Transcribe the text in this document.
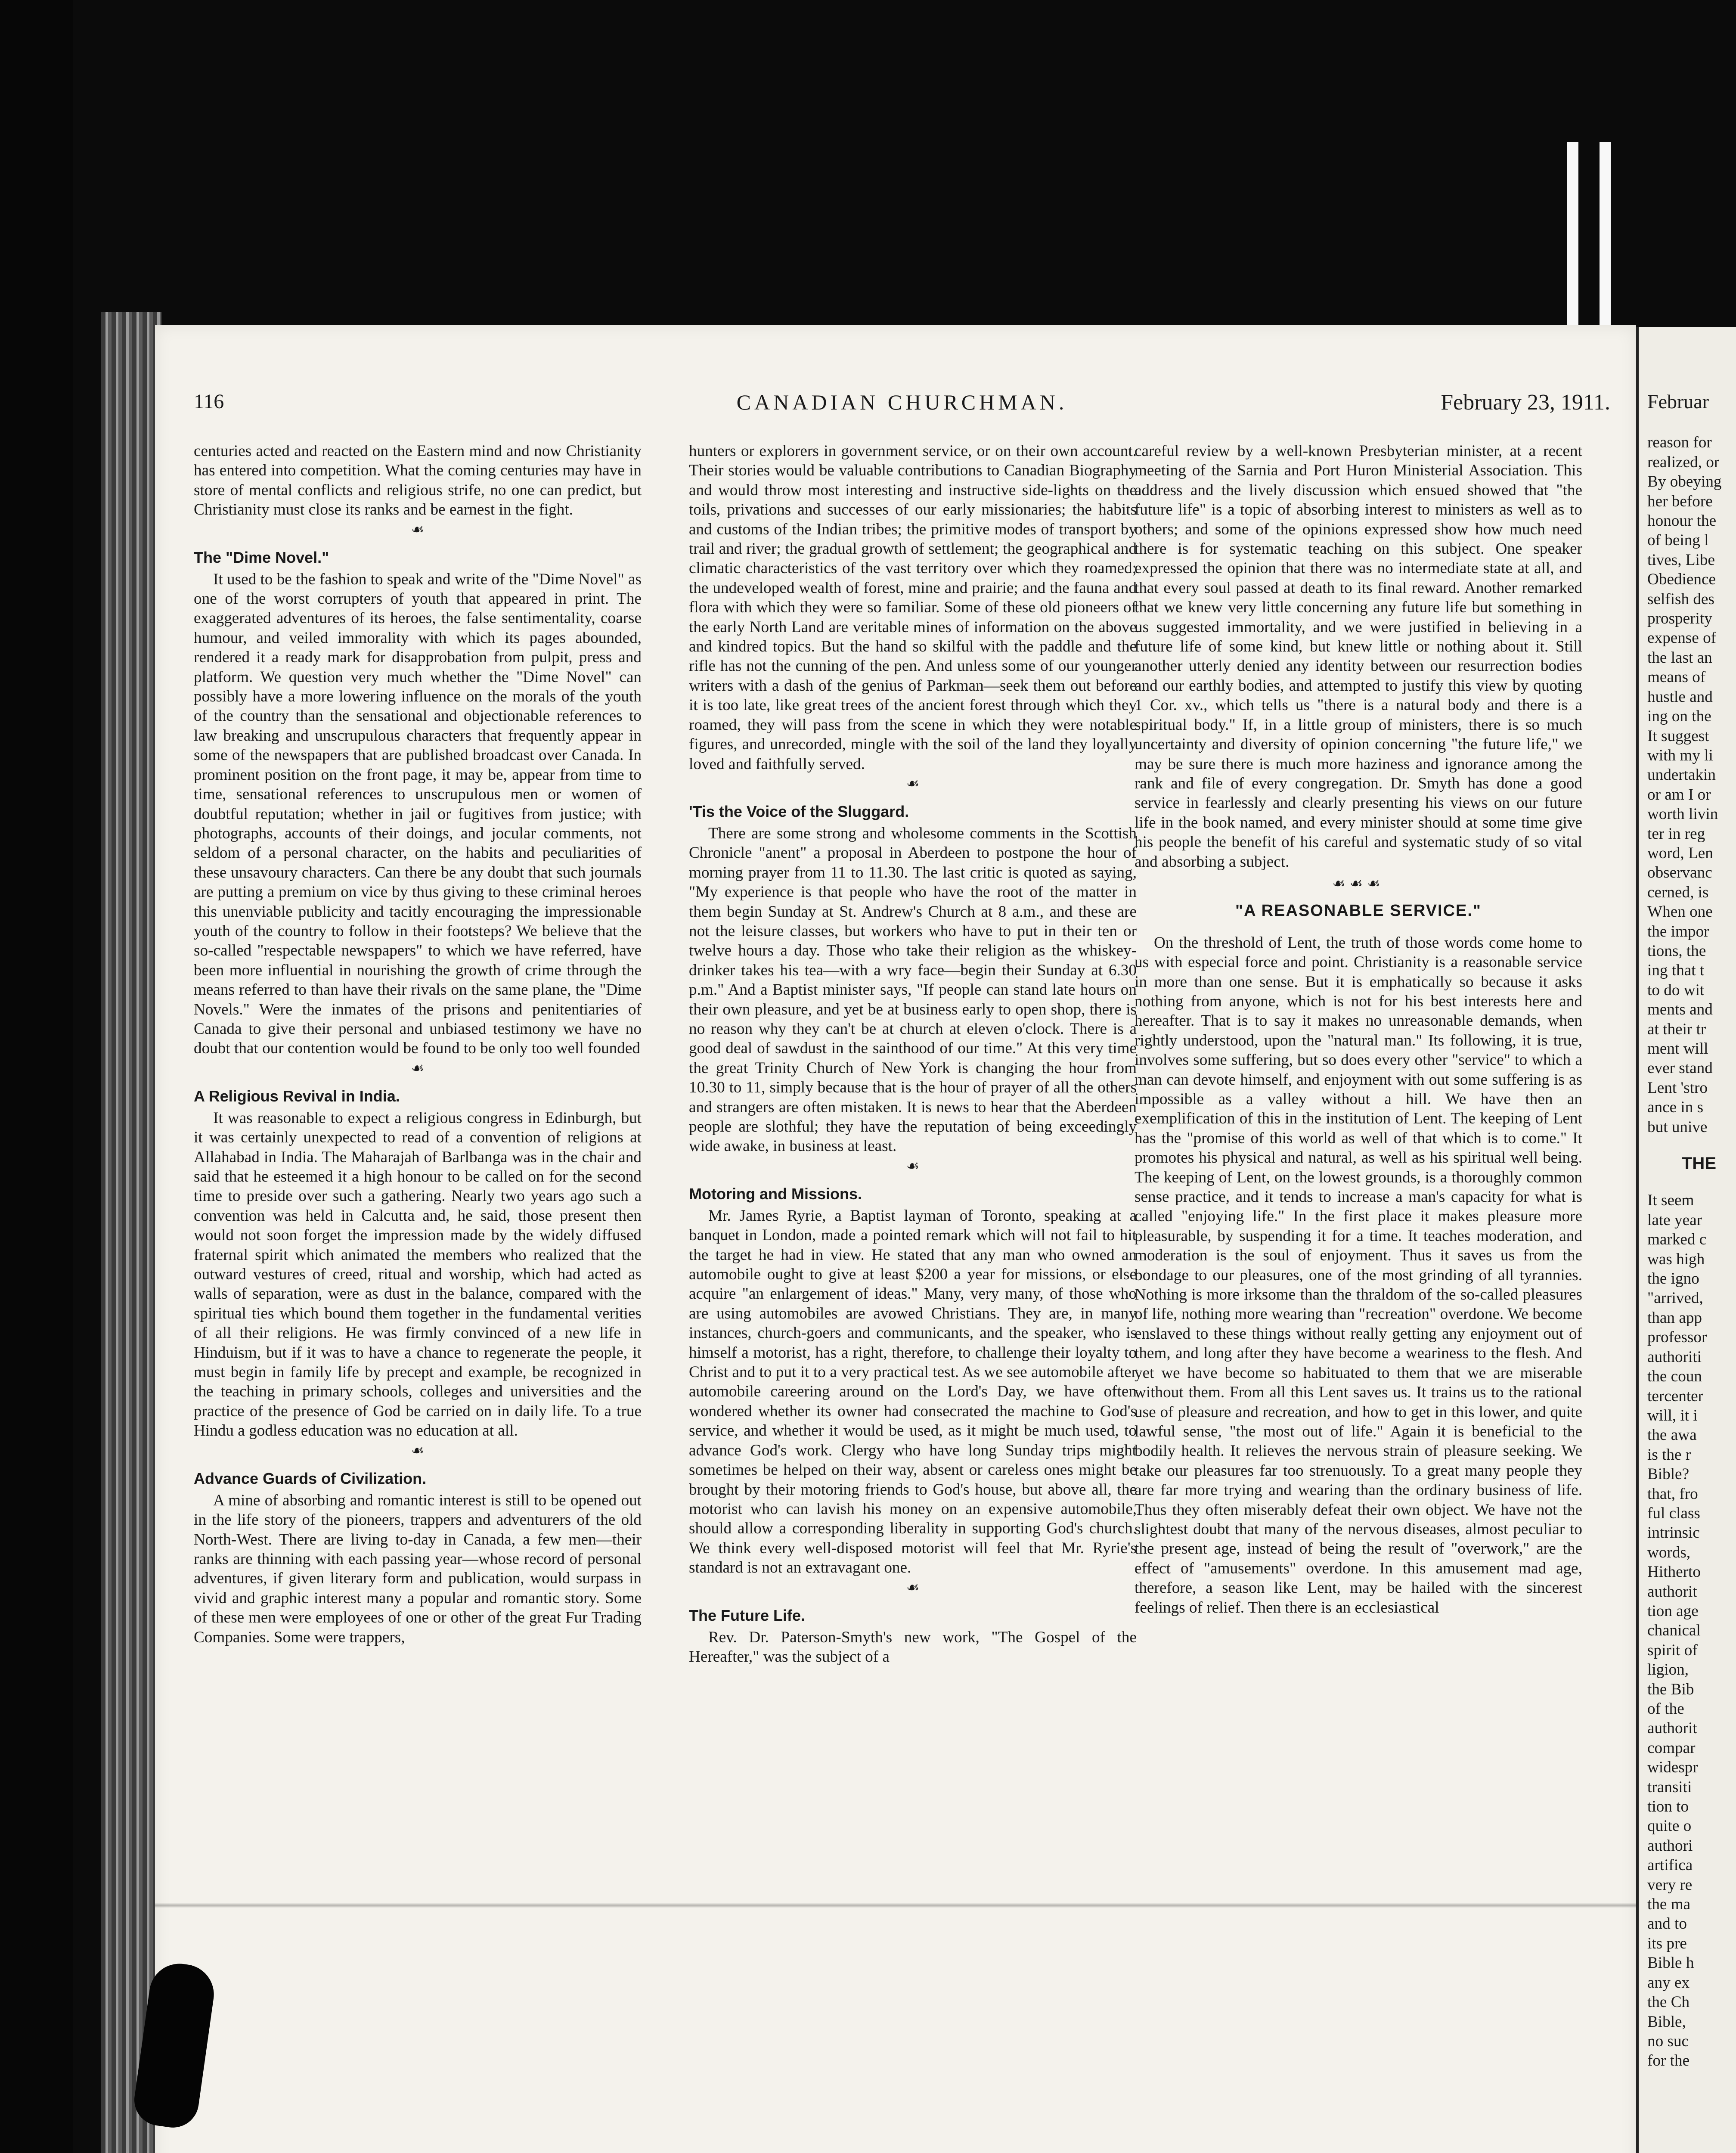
116	CANADIAN CHURCHMAN.	February 23, 1911.

centuries acted and reacted on the Eastern mind and now Christianity has entered into competition. What the coming centuries may have in store of mental conflicts and religious strife, no one can predict, but Christianity must close its ranks and be earnest in the fight.

☙
The "Dime Novel."

It used to be the fashion to speak and write of the "Dime Novel" as one of the worst corrupters of youth that appeared in print. The exaggerated adventures of its heroes, the false sentimentality, coarse humour, and veiled immorality with which its pages abounded, rendered it a ready mark for disapprobation from pulpit, press and platform. We question very much whether the "Dime Novel" can possibly have a more lowering influence on the morals of the youth of the country than the sensational and objectionable references to law breaking and unscrupulous characters that frequently appear in some of the newspapers that are published broadcast over Canada. In prominent position on the front page, it may be, appear from time to time, sensational references to unscrupulous men or women of doubtful reputation; whether in jail or fugitives from justice; with photographs, accounts of their doings, and jocular comments, not seldom of a personal character, on the habits and peculiarities of these unsavoury characters. Can there be any doubt that such journals are putting a premium on vice by thus giving to these criminal heroes this unenviable publicity and tacitly encouraging the impressionable youth of the country to follow in their footsteps? We believe that the so-called "respectable newspapers" to which we have referred, have been more influential in nourishing the growth of crime through the means referred to than have their rivals on the same plane, the "Dime Novels." Were the inmates of the prisons and penitentiaries of Canada to give their personal and unbiased testimony we have no doubt that our contention would be found to be only too well founded

☙
A Religious Revival in India.

It was reasonable to expect a religious congress in Edinburgh, but it was certainly unexpected to read of a convention of religions at Allahabad in India. The Maharajah of Barlbanga was in the chair and said that he esteemed it a high honour to be called on for the second time to preside over such a gathering. Nearly two years ago such a convention was held in Calcutta and, he said, those present then would not soon forget the impression made by the widely diffused fraternal spirit which animated the members who realized that the outward vestures of creed, ritual and worship, which had acted as walls of separation, were as dust in the balance, compared with the spiritual ties which bound them together in the fundamental verities of all their religions. He was firmly convinced of a new life in Hinduism, but if it was to have a chance to regenerate the people, it must begin in family life by precept and example, be recognized in the teaching in primary schools, colleges and universities and the practice of the presence of God be carried on in daily life. To a true Hindu a godless education was no education at all.

☙
Advance Guards of Civilization.

A mine of absorbing and romantic interest is still to be opened out in the life story of the pioneers, trappers and adventurers of the old North-West. There are living to-day in Canada, a few men—their ranks are thinning with each passing year—whose record of personal adventures, if given literary form and publication, would surpass in vivid and graphic interest many a popular and romantic story. Some of these men were employees of one or other of the great Fur Trading Companies. Some were trappers,

hunters or explorers in government service, or on their own account. Their stories would be valuable contributions to Canadian Biography and would throw most interesting and instructive side-lights on the toils, privations and successes of our early missionaries; the habits and customs of the Indian tribes; the primitive modes of transport by trail and river; the gradual growth of settlement; the geographical and climatic characteristics of the vast territory over which they roamed; the undeveloped wealth of forest, mine and prairie; and the fauna and flora with which they were so familiar. Some of these old pioneers of the early North Land are veritable mines of information on the above and kindred topics. But the hand so skilful with the paddle and the rifle has not the cunning of the pen. And unless some of our younger writers with a dash of the genius of Parkman—seek them out before it is too late, like great trees of the ancient forest through which they roamed, they will pass from the scene in which they were notable figures, and unrecorded, mingle with the soil of the land they loyally loved and faithfully served.

☙
'Tis the Voice of the Sluggard.

There are some strong and wholesome comments in the Scottish Chronicle "anent" a proposal in Aberdeen to postpone the hour of morning prayer from 11 to 11.30. The last critic is quoted as saying, "My experience is that people who have the root of the matter in them begin Sunday at St. Andrew's Church at 8 a.m., and these are not the leisure classes, but workers who have to put in their ten or twelve hours a day. Those who take their religion as the whiskey-drinker takes his tea—with a wry face—begin their Sunday at 6.30 p.m." And a Baptist minister says, "If people can stand late hours on their own pleasure, and yet be at business early to open shop, there is no reason why they can't be at church at eleven o'clock. There is a good deal of sawdust in the sainthood of our time." At this very time the great Trinity Church of New York is changing the hour from 10.30 to 11, simply because that is the hour of prayer of all the others and strangers are often mistaken. It is news to hear that the Aberdeen people are slothful; they have the reputation of being exceedingly wide awake, in business at least.

☙
Motoring and Missions.

Mr. James Ryrie, a Baptist layman of Toronto, speaking at a banquet in London, made a pointed remark which will not fail to hit the target he had in view. He stated that any man who owned an automobile ought to give at least $200 a year for missions, or else acquire "an enlargement of ideas." Many, very many, of those who are using automobiles are avowed Christians. They are, in many instances, church-goers and communicants, and the speaker, who is himself a motorist, has a right, therefore, to challenge their loyalty to Christ and to put it to a very practical test. As we see automobile after automobile careering around on the Lord's Day, we have often wondered whether its owner had consecrated the machine to God's service, and whether it would be used, as it might be much used, to advance God's work. Clergy who have long Sunday trips might sometimes be helped on their way, absent or careless ones might be brought by their motoring friends to God's house, but above all, the motorist who can lavish his money on an expensive automobile, should allow a corresponding liberality in supporting God's church. We think every well-disposed motorist will feel that Mr. Ryrie's standard is not an extravagant one.

☙
The Future Life.

Rev. Dr. Paterson-Smyth's new work, "The Gospel of the Hereafter," was the subject of a

careful review by a well-known Presbyterian minister, at a recent meeting of the Sarnia and Port Huron Ministerial Association. This address and the lively discussion which ensued showed that "the future life" is a topic of absorbing interest to ministers as well as to others; and some of the opinions expressed show how much need there is for systematic teaching on this subject. One speaker expressed the opinion that there was no intermediate state at all, and that every soul passed at death to its final reward. Another remarked that we knew very little concerning any future life but something in us suggested immortality, and we were justified in believing in a future life of some kind, but knew little or nothing about it. Still another utterly denied any identity between our resurrection bodies and our earthly bodies, and attempted to justify this view by quoting 1 Cor. xv., which tells us "there is a natural body and there is a spiritual body." If, in a little group of ministers, there is so much uncertainty and diversity of opinion concerning "the future life," we may be sure there is much more haziness and ignorance among the rank and file of every congregation. Dr. Smyth has done a good service in fearlessly and clearly presenting his views on our future life in the book named, and every minister should at some time give his people the benefit of his careful and systematic study of so vital and absorbing a subject.

☙☙☙
"A REASONABLE SERVICE."

On the threshold of Lent, the truth of those words come home to us with especial force and point. Christianity is a reasonable service in more than one sense. But it is emphatically so because it asks nothing from anyone, which is not for his best interests here and hereafter. That is to say it makes no unreasonable demands, when rightly understood, upon the "natural man." Its following, it is true, involves some suffering, but so does every other "service" to which a man can devote himself, and enjoyment with out some suffering is as impossible as a valley without a hill. We have then an exemplification of this in the institution of Lent. The keeping of Lent has the "promise of this world as well of that which is to come." It promotes his physical and natural, as well as his spiritual well being. The keeping of Lent, on the lowest grounds, is a thoroughly common sense practice, and it tends to increase a man's capacity for what is called "enjoying life." In the first place it makes pleasure more pleasurable, by suspending it for a time. It teaches moderation, and moderation is the soul of enjoyment. Thus it saves us from the bondage to our pleasures, one of the most grinding of all tyrannies. Nothing is more irksome than the thraldom of the so-called pleasures of life, nothing more wearing than "recreation" overdone. We become enslaved to these things without really getting any enjoyment out of them, and long after they have become a weariness to the flesh. And yet we have become so habituated to them that we are miserable without them. From all this Lent saves us. It trains us to the rational use of pleasure and recreation, and how to get in this lower, and quite lawful sense, "the most out of life." Again it is beneficial to the bodily health. It relieves the nervous strain of pleasure seeking. We take our pleasures far too strenuously. To a great many people they are far more trying and wearing than the ordinary business of life. Thus they often miserably defeat their own object. We have not the slightest doubt that many of the nervous diseases, almost peculiar to the present age, instead of being the result of "overwork," are the effect of "amusements" overdone. In this amusement mad age, therefore, a season like Lent, may be hailed with the sincerest feelings of relief. Then there is an ecclesiastical

Februar
reason for
realized, or
By obeying
her before
honour the
of being l
tives, Libe
Obedience
selfish des
prosperity
expense of
the last an
means of
hustle and
ing on the
It suggest
with my li
undertakin
or am I or
worth livin
ter in reg
word, Len
observanc
cerned, is
When one
the impor
tions, the
ing that t
to do wit
ments and
at their tr
ment will
ever stand
Lent 'stro
ance in s
but unive
THE
It seem
late year
marked c
was high
the igno
"arrived,
than app
professor
authoriti
the coun
tercenter
will, it i
the awa
is the r
Bible?
that, fro
ful class
intrinsic
words,
Hitherto
authorit
tion age
chanical
spirit of
ligion,
the Bib
of the
authorit
compar
widespr
transiti
tion to
quite o
authori
artifica
very re
the ma
and to
its pre
Bible h
any ex
the Ch
Bible,
no suc
for the
